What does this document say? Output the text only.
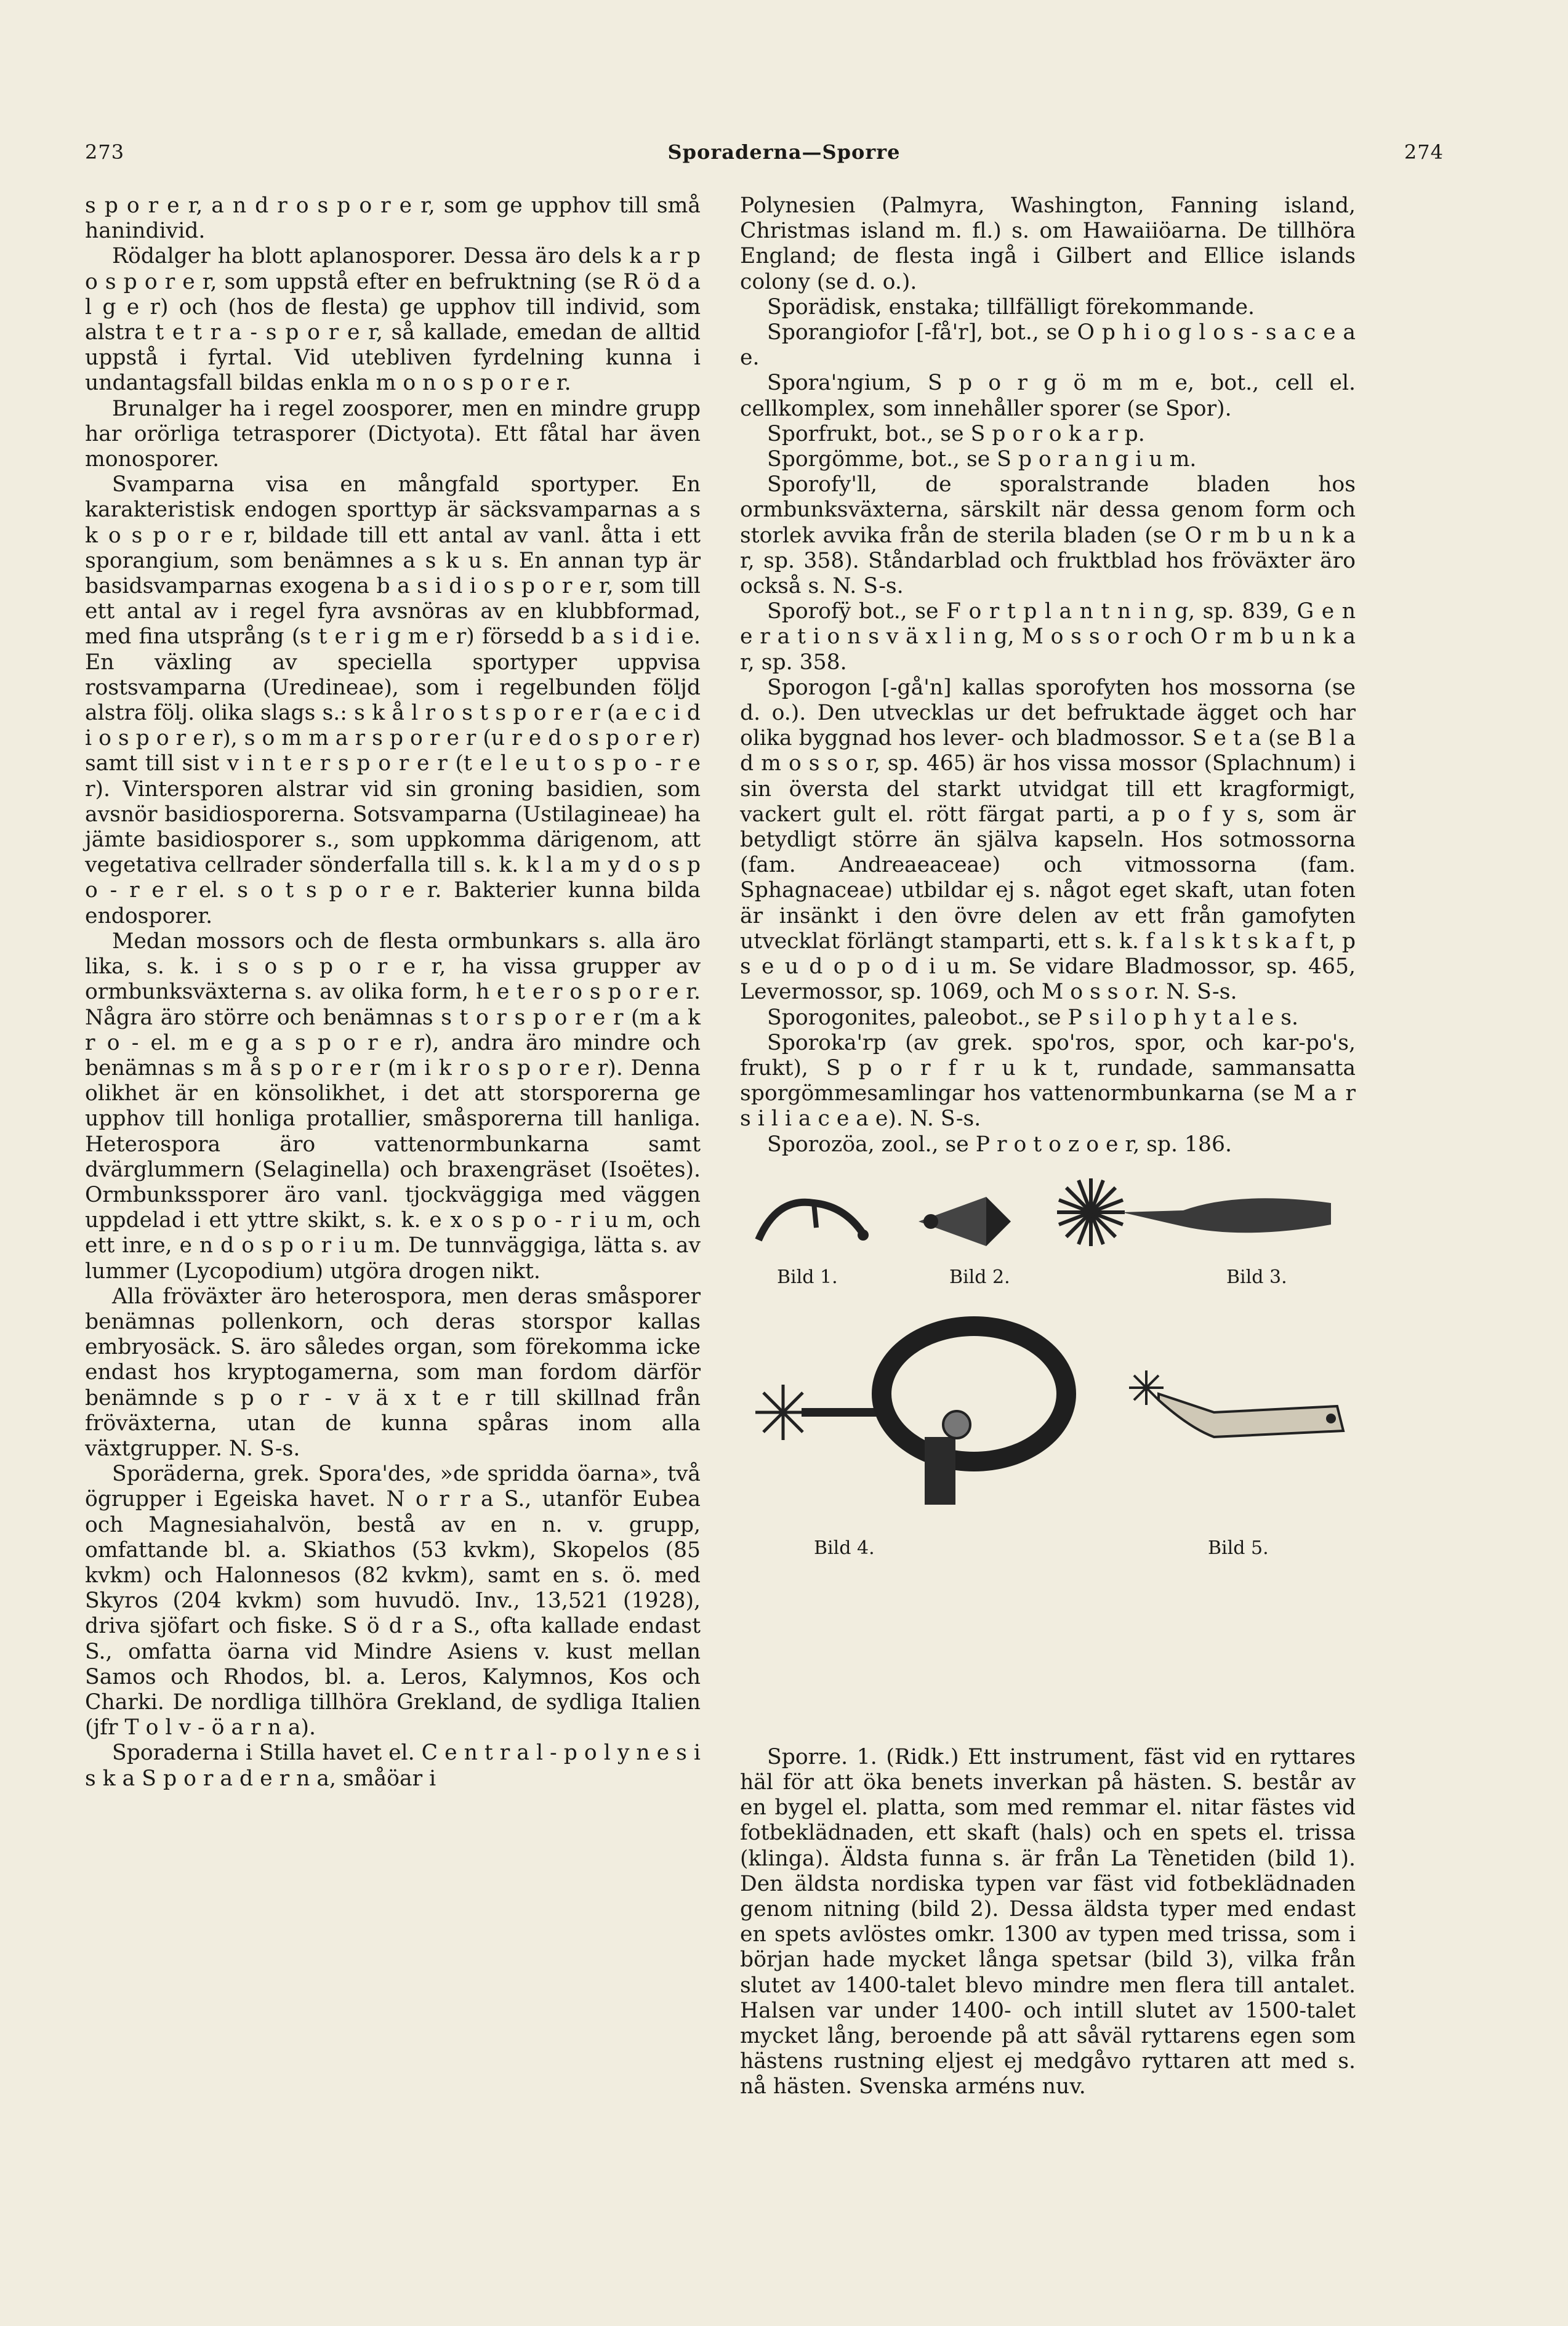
273	Sporaderna—Sporre	274

s p o r e r, a n d r o s p o r e r, som ge upphov till små hanindivid.

Rödalger ha blott aplanosporer. Dessa äro dels k a r p o s p o r e r, som uppstå efter en befruktning (se R ö d a l g e r) och (hos de flesta) ge upphov till individ, som alstra t e t r a - s p o r e r, så kallade, emedan de alltid uppstå i fyrtal. Vid utebliven fyrdelning kunna i undantagsfall bildas enkla m o n o s p o r e r.

Brunalger ha i regel zoosporer, men en mindre grupp har orörliga tetrasporer (Dictyota). Ett fåtal har även monosporer.

Svamparna visa en mångfald sportyper. En karakteristisk endogen sporttyp är säcksvamparnas a s k o s p o r e r, bildade till ett antal av vanl. åtta i ett sporangium, som benämnes a s k u s. En annan typ är basidsvamparnas exogena b a s i d i o s p o r e r, som till ett antal av i regel fyra avsnöras av en klubbformad, med fina utsprång (s t e r i g m e r) försedd b a s i d i e. En växling av speciella sportyper uppvisa rostsvamparna (Uredineae), som i regelbunden följd alstra följ. olika slags s.: s k å l r o s t s p o r e r (a e c i d i o s p o r e r), s o m m a r s p o r e r (u r e d o s p o r e r) samt till sist v i n t e r s p o r e r (t e l e u t o s p o - r e r). Vintersporen alstrar vid sin groning basidien, som avsnör basidiosporerna. Sotsvamparna (Ustilagineae) ha jämte basidiosporer s., som uppkomma därigenom, att vegetativa cellrader sönderfalla till s. k. k l a m y d o s p o - r e r el. s o t s p o r e r. Bakterier kunna bilda endosporer.

Medan mossors och de flesta ormbunkars s. alla äro lika, s. k. i s o s p o r e r, ha vissa grupper av ormbunksväxterna s. av olika form, h e t e r o s p o r e r. Några äro större och benämnas s t o r s p o r e r (m a k r o - el. m e g a s p o r e r), andra äro mindre och benämnas s m å s p o r e r (m i k r o s p o r e r). Denna olikhet är en könsolikhet, i det att storsporerna ge upphov till honliga protallier, småsporerna till hanliga. Heterospora äro vattenormbunkarna samt dvärglummern (Selaginella) och braxengräset (Isoëtes). Ormbunkssporer äro vanl. tjockväggiga med väggen uppdelad i ett yttre skikt, s. k. e x o s p o - r i u m, och ett inre, e n d o s p o r i u m. De tunnväggiga, lätta s. av lummer (Lycopodium) utgöra drogen nikt.

Alla fröväxter äro heterospora, men deras småsporer benämnas pollenkorn, och deras storspor kallas embryosäck. S. äro således organ, som förekomma icke endast hos kryptogamerna, som man fordom därför benämnde s p o r - v ä x t e r till skillnad från fröväxterna, utan de kunna spåras inom alla växtgrupper. N. S-s.

Sporäderna, grek. Spora'des, »de spridda öarna», två ögrupper i Egeiska havet. N o r r a S., utanför Eubea och Magnesiahalvön, bestå av en n. v. grupp, omfattande bl. a. Skiathos (53 kvkm), Skopelos (85 kvkm) och Halonnesos (82 kvkm), samt en s. ö. med Skyros (204 kvkm) som huvudö. Inv., 13,521 (1928), driva sjöfart och fiske. S ö d r a S., ofta kallade endast S., omfatta öarna vid Mindre Asiens v. kust mellan Samos och Rhodos, bl. a. Leros, Kalymnos, Kos och Charki. De nordliga tillhöra Grekland, de sydliga Italien (jfr T o l v - ö a r n a).

Sporaderna i Stilla havet el. C e n t r a l - p o l y n e s i s k a S p o r a d e r n a, småöar i

Polynesien (Palmyra, Washington, Fanning island, Christmas island m. fl.) s. om Hawaiiöarna. De tillhöra England; de flesta ingå i Gilbert and Ellice islands colony (se d. o.).

Sporädisk, enstaka; tillfälligt förekommande.

Sporangiofor [-få'r], bot., se O p h i o g l o s - s a c e a e.

Spora'ngium, S p o r g ö m m e, bot., cell el. cellkomplex, som innehåller sporer (se Spor).

Sporfrukt, bot., se S p o r o k a r p.

Sporgömme, bot., se S p o r a n g i u m.

Sporofy'll, de sporalstrande bladen hos ormbunksväxterna, särskilt när dessa genom form och storlek avvika från de sterila bladen (se O r m b u n k a r, sp. 358). Ståndarblad och fruktblad hos fröväxter äro också s. N. S-s.

Sporofÿ bot., se F o r t p l a n t n i n g, sp. 839, G e n e r a t i o n s v ä x l i n g, M o s s o r och O r m b u n k a r, sp. 358.

Sporogon [-gå'n] kallas sporofyten hos mossorna (se d. o.). Den utvecklas ur det befruktade ägget och har olika byggnad hos lever- och bladmossor. S e t a (se B l a d m o s s o r, sp. 465) är hos vissa mossor (Splachnum) i sin översta del starkt utvidgat till ett kragformigt, vackert gult el. rött färgat parti, a p o f y s, som är betydligt större än själva kapseln. Hos sotmossorna (fam. Andreaeaceae) och vitmossorna (fam. Sphagnaceae) utbildar ej s. något eget skaft, utan foten är insänkt i den övre delen av ett från gamofyten utvecklat förlängt stamparti, ett s. k. f a l s k t s k a f t, p s e u d o p o d i u m. Se vidare Bladmossor, sp. 465, Levermossor, sp. 1069, och M o s s o r. N. S-s.

Sporogonites, paleobot., se P s i l o p h y t a l e s.

Sporoka'rp (av grek. spo'ros, spor, och kar-po's, frukt), S p o r f r u k t, rundade, sammansatta sporgömmesamlingar hos vattenormbunkarna (se M a r s i l i a c e a e). N. S-s.

Sporozöa, zool., se P r o t o z o e r, sp. 186.

Bild 1.	Bild 2.	Bild 3.
Bild 4.	Bild 5.

Sporre. 1. (Ridk.) Ett instrument, fäst vid en ryttares häl för att öka benets inverkan på hästen. S. består av en bygel el. platta, som med remmar el. nitar fästes vid fotbeklädnaden, ett skaft (hals) och en spets el. trissa (klinga). Äldsta funna s. är från La Tènetiden (bild 1). Den äldsta nordiska typen var fäst vid fotbeklädnaden genom nitning (bild 2). Dessa äldsta typer med endast en spets avlöstes omkr. 1300 av typen med trissa, som i början hade mycket långa spetsar (bild 3), vilka från slutet av 1400-talet blevo mindre men flera till antalet. Halsen var under 1400- och intill slutet av 1500-talet mycket lång, beroende på att såväl ryttarens egen som hästens rustning eljest ej medgåvo ryttaren att med s. nå hästen. Svenska arméns nuv.
